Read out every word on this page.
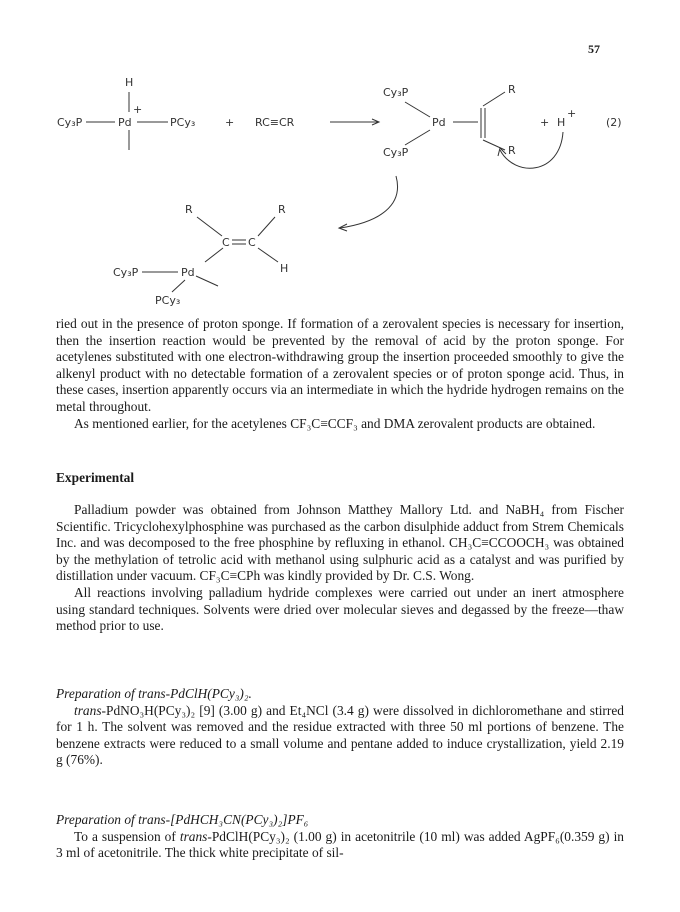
57
H
Cy₃P
+
Pd	PCy₃	+ RC≡CR
Cy₃P
Pd
Cy₃P
R
R
+ H
+
(2)
R	R
C C
H
Cy₃P	Pd
PCy₃

ried out in the presence of proton sponge. If formation of a zerovalent species is necessary for insertion, then the insertion reaction would be prevented by the removal of acid by the proton sponge. For acetylenes substituted with one electron-withdrawing group the insertion proceeded smoothly to give the alkenyl product with no detectable formation of a zerovalent species or of proton sponge acid. Thus, in these cases, insertion apparently occurs via an intermediate in which the hydride hydrogen remains on the metal throughout.

As mentioned earlier, for the acetylenes CF₃C≡CCF₃ and DMA zerovalent products are obtained.

Experimental

Palladium powder was obtained from Johnson Matthey Mallory Ltd. and NaBH₄ from Fischer Scientific. Tricyclohexylphosphine was purchased as the carbon disulphide adduct from Strem Chemicals Inc. and was decomposed to the free phosphine by refluxing in ethanol. CH₃C≡CCOOCH₃ was obtained by the methylation of tetrolic acid with methanol using sulphuric acid as a catalyst and was purified by distillation under vacuum. CF₃C≡CPh was kindly provided by Dr. C.S. Wong.

All reactions involving palladium hydride complexes were carried out under an inert atmosphere using standard techniques. Solvents were dried over molecular sieves and degassed by the freeze—thaw method prior to use.

Preparation of trans-PdClH(PCy₃)₂.

trans-PdNO₃H(PCy₃)₂ [9] (3.00 g) and Et₄NCl (3.4 g) were dissolved in dichloromethane and stirred for 1 h. The solvent was removed and the residue extracted with three 50 ml portions of benzene. The benzene extracts were reduced to a small volume and pentane added to induce crystallization, yield 2.19 g (76%).

Preparation of trans-[PdHCH₃CN(PCy₃)₂]PF₆

To a suspension of trans-PdClH(PCy₃)₂ (1.00 g) in acetonitrile (10 ml) was added AgPF₆(0.359 g) in 3 ml of acetonitrile. The thick white precipitate of sil-
